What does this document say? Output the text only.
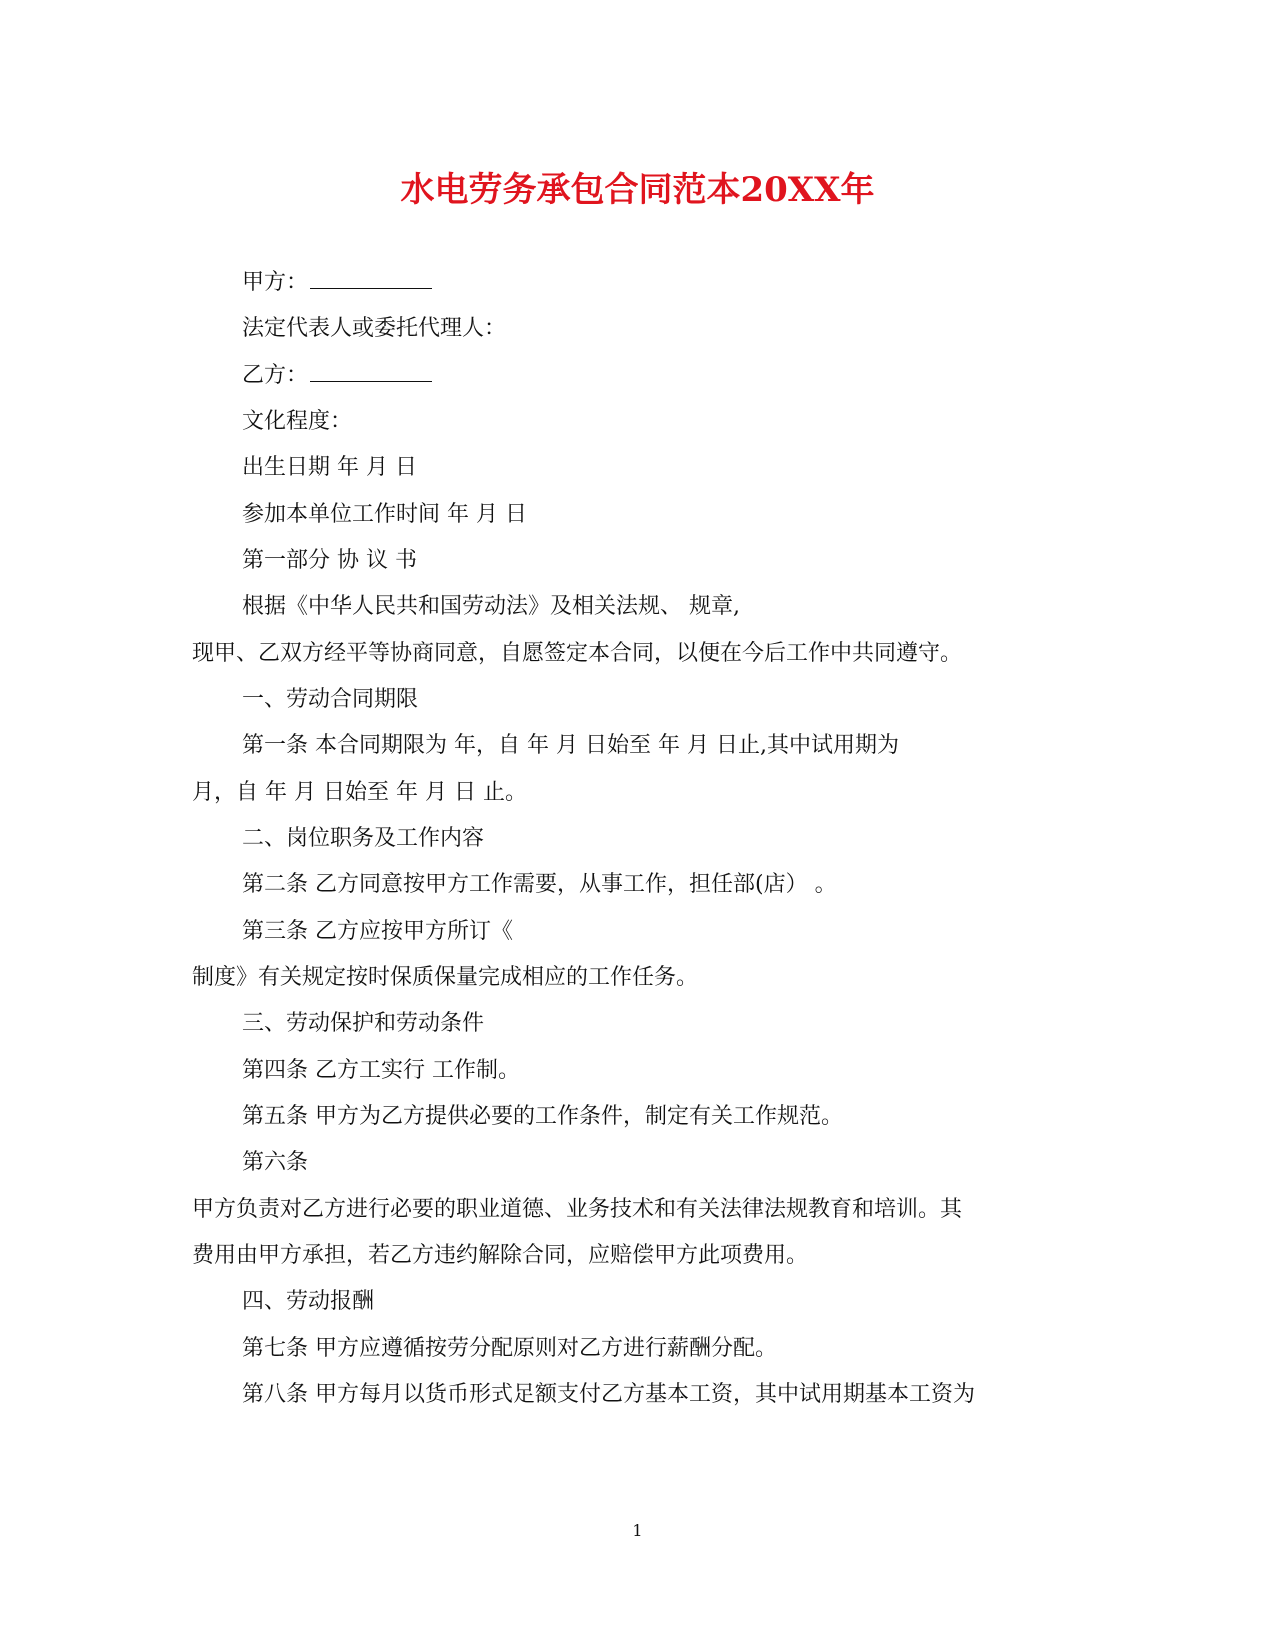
水电劳务承包合同范本20XX年
甲方：
法定代表人或委托代理人：
乙方：
文化程度：
出生日期 年 月 日
参加本单位工作时间 年 月 日
第一部分 协 议 书
根据《中华人民共和国劳动法》及相关法规、 规章,
现甲、乙双方经平等协商同意，自愿签定本合同，以便在今后工作中共同遵守。
一、劳动合同期限
第一条 本合同期限为 年，自 年 月 日始至 年 月 日止,其中试用期为
月，自 年 月 日始至 年 月 日 止。
二、岗位职务及工作内容
第二条 乙方同意按甲方工作需要，从事工作，担任部(店） 。
第三条 乙方应按甲方所订《
制度》有关规定按时保质保量完成相应的工作任务。
三、劳动保护和劳动条件
第四条 乙方工实行 工作制。
第五条 甲方为乙方提供必要的工作条件，制定有关工作规范。
第六条
甲方负责对乙方进行必要的职业道德、业务技术和有关法律法规教育和培训。其
费用由甲方承担，若乙方违约解除合同，应赔偿甲方此项费用。
四、劳动报酬
第七条 甲方应遵循按劳分配原则对乙方进行薪酬分配。
第八条 甲方每月以货币形式足额支付乙方基本工资，其中试用期基本工资为
1
